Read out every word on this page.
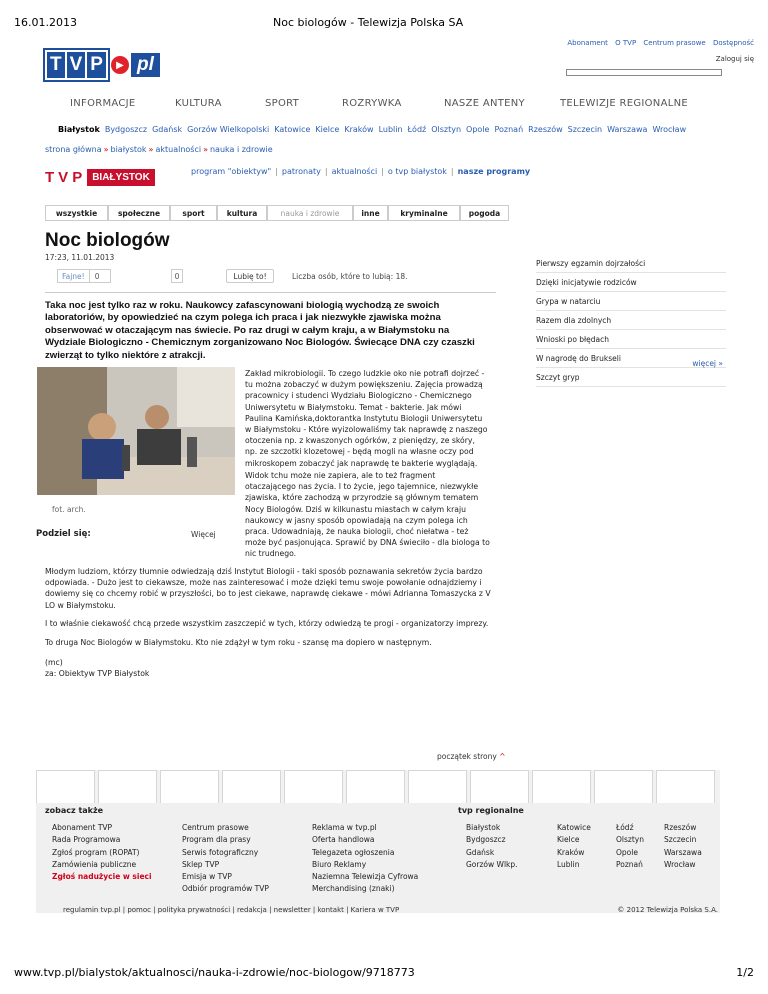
16.01.2013	Noc biologów - Telewizja Polska SA
Abonament O TVP Centrum prasowe Dostępność
Zaloguj się
T V P	▶ pl
INFORMACJE	KULTURA	SPORT	ROZRYWKA	NASZE ANTENY	TELEWIZJE REGIONALNE
Białystok Bydgoszcz Gdańsk Gorzów Wielkopolski Katowice Kielce Kraków Lublin Łódź Olsztyn Opole Poznań Rzeszów Szczecin Warszawa Wrocław
strona główna » białystok » aktualności » nauka i zdrowie
T V P BIAŁYSTOK	program "obiektyw" | patronaty | aktualności | o tvp białystok | nasze programy
wszystkie	społeczne	sport	kultura	nauka i zdrowie	inne	kryminalne	pogoda
Noc biologów
17:23, 11.01.2013
Fajne!	0	0	Lubię to!	Liczba osób, które to lubią: 18.
Taka noc jest tylko raz w roku. Naukowcy zafascynowani biologią wychodzą ze swoich
laboratoriów, by opowiedzieć na czym polega ich praca i jak niezwykłe zjawiska można
obserwować w otaczającym nas świecie. Po raz drugi w całym kraju, a w Białymstoku na
Wydziale Biologiczno - Chemicznym zorganizowano Noc Biologów. Świecące DNA czy czaszki
zwierząt to tylko niektóre z atrakcji.
Pierwszy egzamin dojrzałości
Dzięki inicjatywie rodziców
Grypa w natarciu
Razem dla zdolnych
Wnioski po błędach
W nagrodę do Brukseli
Szczyt gryp
więcej »
fot. arch.
Podziel się:	Więcej
Zakład mikrobiologii. To czego ludzkie oko nie potrafi dojrzeć -
tu można zobaczyć w dużym powiększeniu. Zajęcia prowadzą
pracownicy i studenci Wydziału Biologiczno - Chemicznego
Uniwersytetu w Białymstoku. Temat - bakterie. Jak mówi
Paulina Kamińska,doktorantka Instytutu Biologii Uniwersytetu
w Białymstoku - Które wyizolowaliśmy tak naprawdę z naszego
otoczenia np. z kwaszonych ogórków, z pieniędzy, ze skóry,
np. ze szczotki klozetowej - będą mogli na własne oczy pod
mikroskopem zobaczyć jak naprawdę te bakterie wyglądają.
Widok tchu może nie zapiera, ale to też fragment
otaczającego nas życia. I to życie, jego tajemnice, niezwykłe
zjawiska, które zachodzą w przyrodzie są głównym tematem
Nocy Biologów. Dziś w kilkunastu miastach w całym kraju
naukowcy w jasny sposób opowiadają na czym polega ich
praca. Udowadniają, że nauka biologii, choć niełatwa - też
może być pasjonująca. Sprawić by DNA świeciło - dla biologa to
nic trudnego.
Młodym ludziom, którzy tłumnie odwiedzają dziś Instytut Biologii - taki sposób poznawania sekretów życia bardzo
odpowiada. - Dużo jest to ciekawsze, może nas zainteresować i może dzięki temu swoje powołanie odnajdziemy i
dowiemy się co chcemy robić w przyszłości, bo to jest ciekawe, naprawdę ciekawe - mówi Adrianna Tomaszycka z V
LO w Białymstoku.
I to właśnie ciekawość chcą przede wszystkim zaszczepić w tych, którzy odwiedzą te progi - organizatorzy imprezy.
To druga Noc Biologów w Białymstoku. Kto nie zdążył w tym roku - szansę ma dopiero w następnym.
(mc)
za: Obiektyw TVP Białystok
początek strony ^
zobacz także	tvp regionalne
Abonament TVP
Rada Programowa
Zgłoś program (ROPAT)
Zamówienia publiczne
Zgłoś nadużycie w sieci
Centrum prasowe
Program dla prasy
Serwis fotograficzny
Sklep TVP
Emisja w TVP
Odbiór programów TVP
Reklama w tvp.pl
Oferta handlowa
Telegazeta ogłoszenia
Biuro Reklamy
Naziemna Telewizja Cyfrowa
Merchandising (znaki)
Białystok
Bydgoszcz
Gdańsk
Gorzów Wlkp.
Katowice
Kielce
Kraków
Lublin
Łódź
Olsztyn
Opole
Poznań
Rzeszów
Szczecin
Warszawa
Wrocław
regulamin tvp.pl | pomoc | polityka prywatności | redakcja | newsletter | kontakt | Kariera w TVP	© 2012 Telewizja Polska S.A.
www.tvp.pl/bialystok/aktualnosci/nauka-i-zdrowie/noc-biologow/9718773	1/2
